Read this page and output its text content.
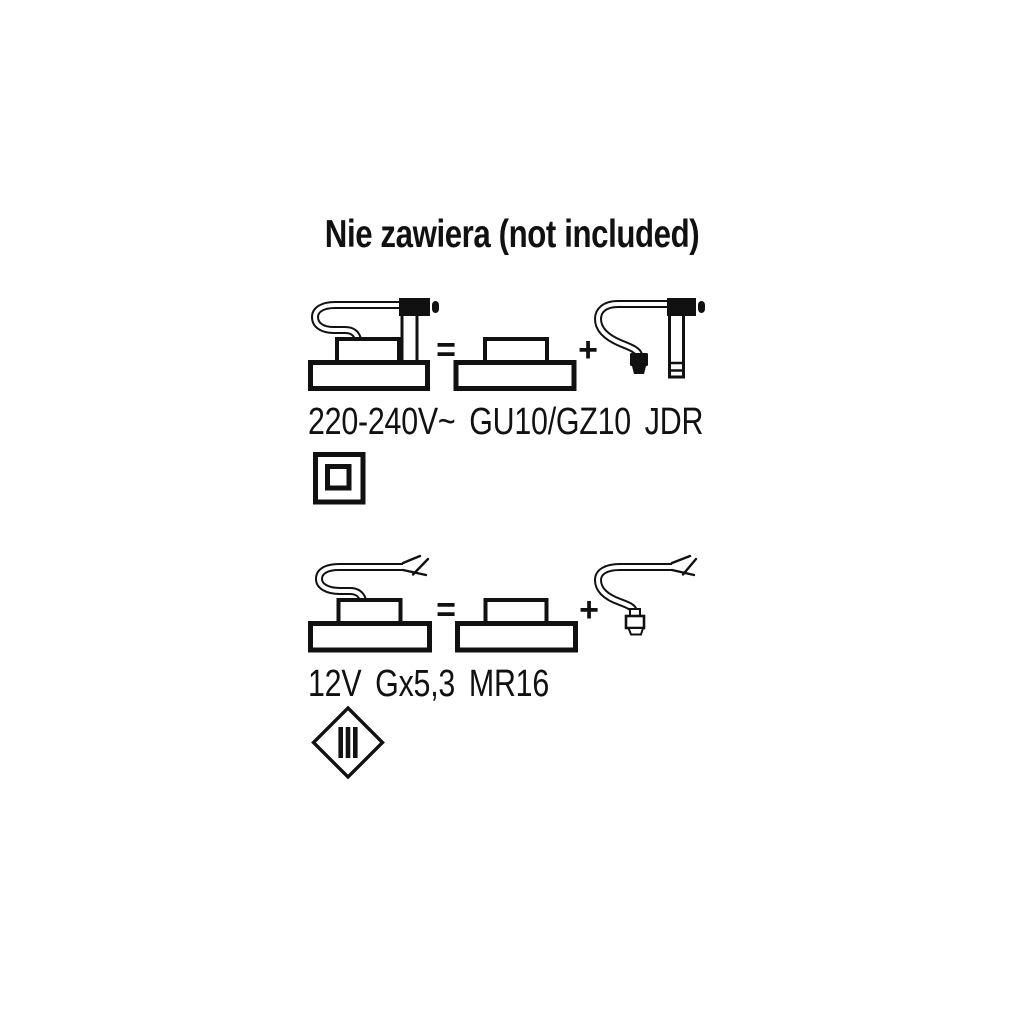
Nie zawiera (not included)
=	+
220-240V~ GU10/GZ10 JDR
=	+
12V Gx5,3 MR16
